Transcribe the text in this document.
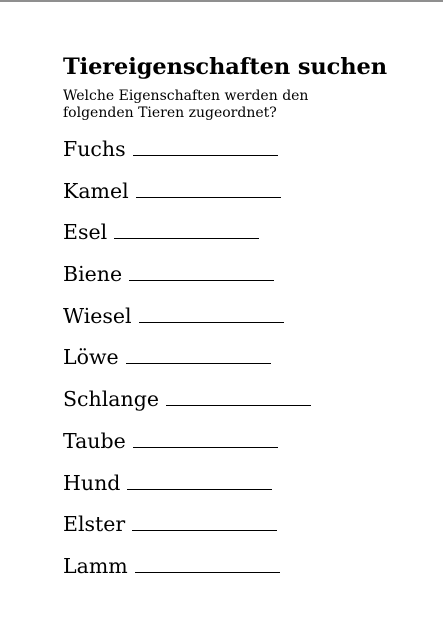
Tiereigenschaften suchen

Welche Eigenschaften werden den folgenden Tieren zugeordnet?

Fuchs
Kamel
Esel
Biene
Wiesel
Löwe
Schlange
Taube
Hund
Elster
Lamm
